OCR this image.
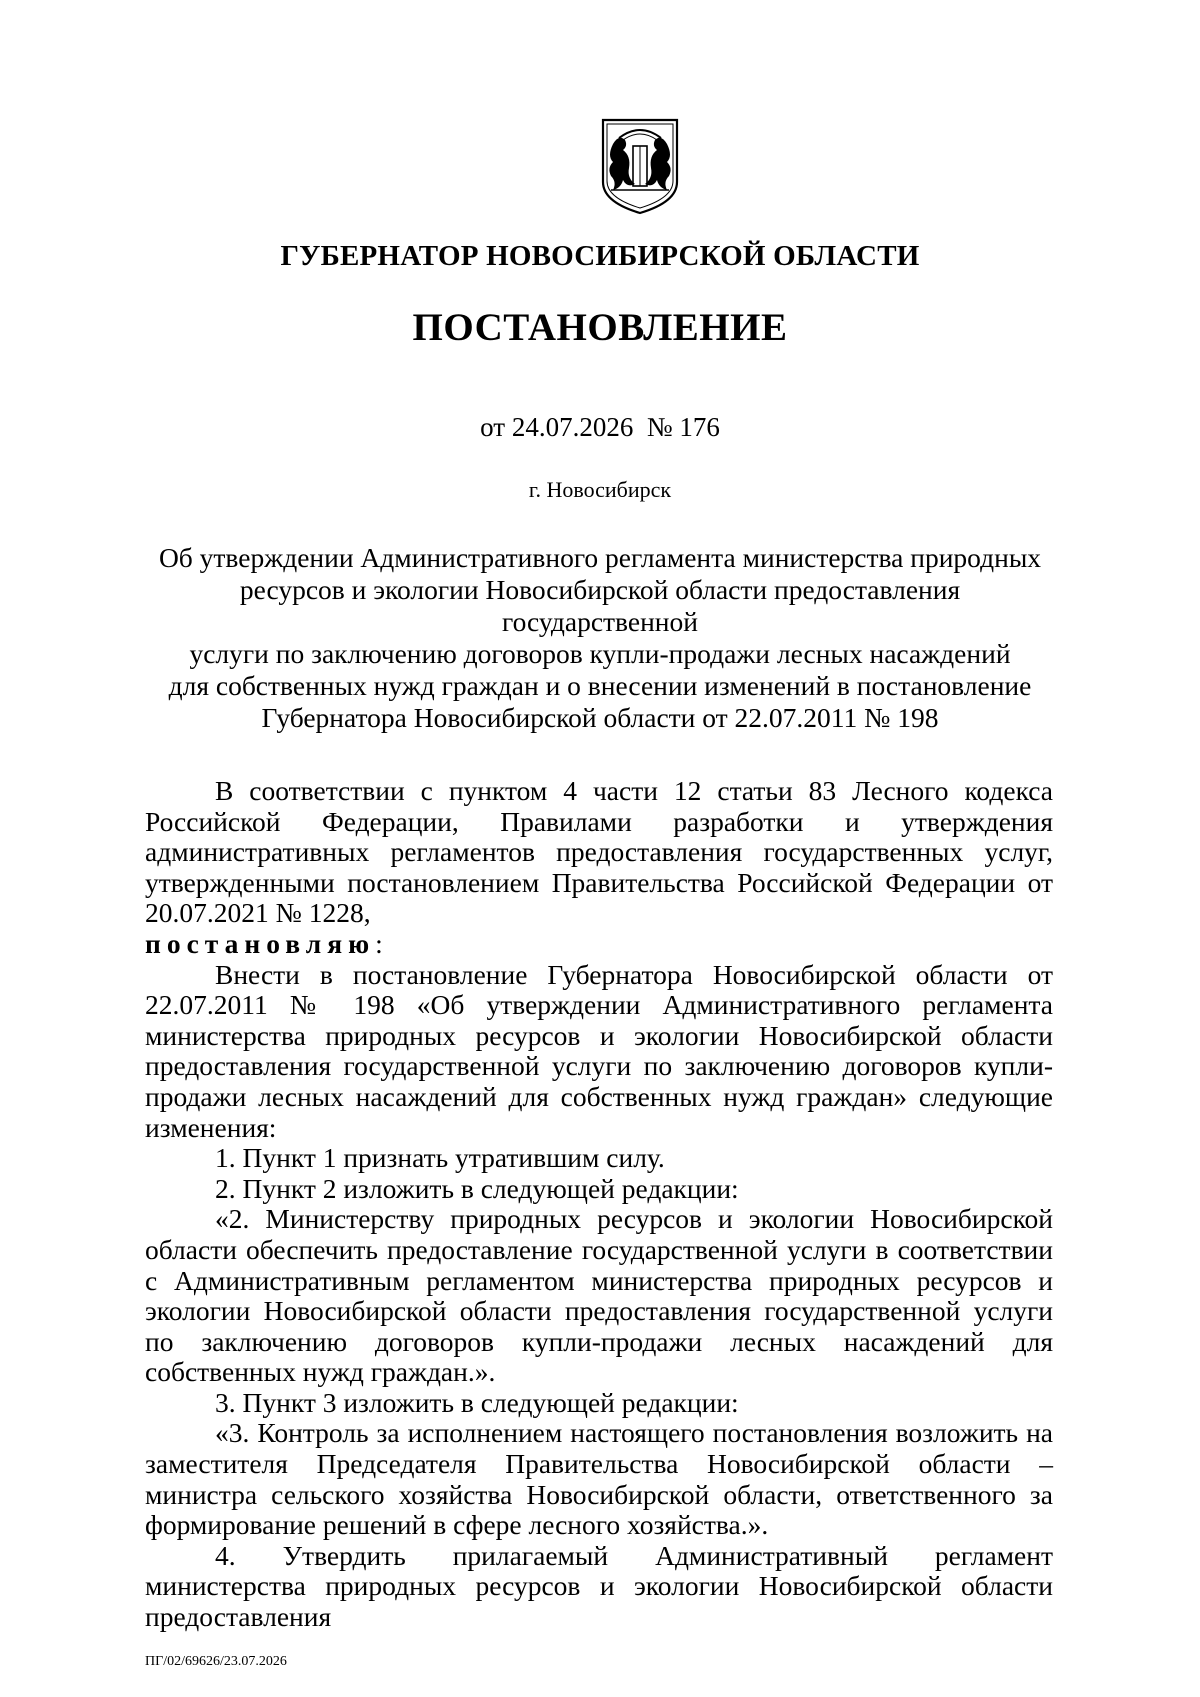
ГУБЕРНАТОР НОВОСИБИРСКОЙ ОБЛАСТИ
ПОСТАНОВЛЕНИЕ
от 24.07.2026  № 176
г. Новосибирск
Об утверждении Административного регламента министерства природных
ресурсов и экологии Новосибирской области предоставления государственной
услуги по заключению договоров купли-продажи лесных насаждений
для собственных нужд граждан и о внесении изменений в постановление
Губернатора Новосибирской области от 22.07.2011 № 198

В соответствии с пунктом 4 части 12 статьи 83 Лесного кодекса Российской Федерации, Правилами разработки и утверждения административных регламентов предоставления государственных услуг, утвержденными постановлением Правительства Российской Федерации от 20.07.2021 № 1228,

постановляю:

Внести в постановление Губернатора Новосибирской области от 22.07.2011 № 198 «Об утверждении Административного регламента министерства природных ресурсов и экологии Новосибирской области предоставления государственной услуги по заключению договоров купли-продажи лесных насаждений для собственных нужд граждан» следующие изменения:

1. Пункт 1 признать утратившим силу.

2. Пункт 2 изложить в следующей редакции:

«2. Министерству природных ресурсов и экологии Новосибирской области обеспечить предоставление государственной услуги в соответствии с Административным регламентом министерства природных ресурсов и экологии Новосибирской области предоставления государственной услуги по заключению договоров купли-продажи лесных насаждений для собственных нужд граждан.».

3. Пункт 3 изложить в следующей редакции:

«3. Контроль за исполнением настоящего постановления возложить на заместителя Председателя Правительства Новосибирской области – министра сельского хозяйства Новосибирской области, ответственного за формирование решений в сфере лесного хозяйства.».

4. Утвердить прилагаемый Административный регламент министерства природных ресурсов и экологии Новосибирской области предоставления

ПГ/02/69626/23.07.2026
